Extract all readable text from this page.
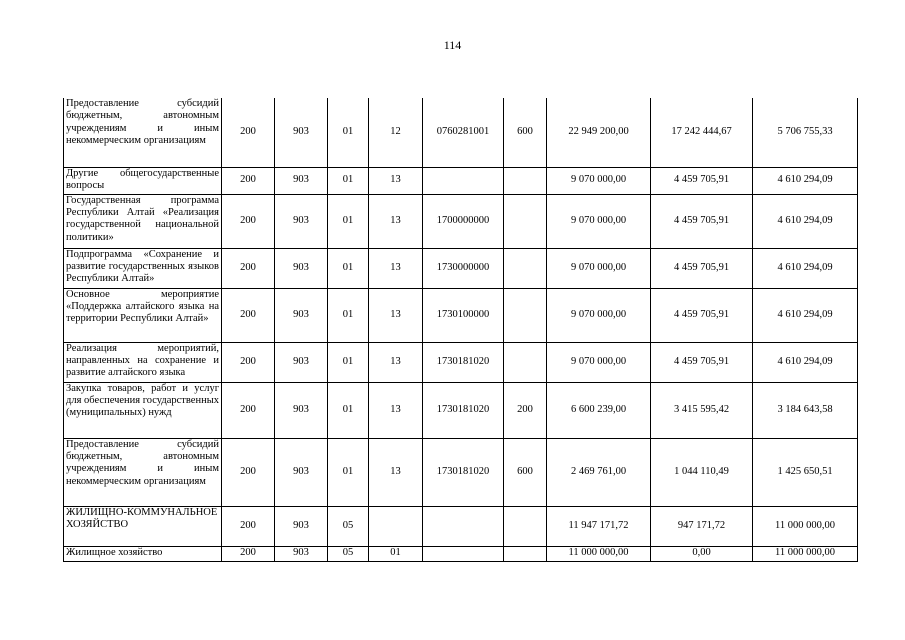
114
Предоставление субсидий бюджетным, автономным учреждениям и иным некоммерческим организациям	200	903	01	12	0760281001	600	22 949 200,00	17 242 444,67	5 706 755,33
Другие общегосударственные вопросы	200	903	01	13			9 070 000,00	4 459 705,91	4 610 294,09
Государственная программа Республики Алтай «Реализация государственной национальной политики»	200	903	01	13	1700000000		9 070 000,00	4 459 705,91	4 610 294,09
Подпрограмма «Сохранение и развитие государственных языков Республики Алтай»	200	903	01	13	1730000000		9 070 000,00	4 459 705,91	4 610 294,09
Основное мероприятие «Поддержка алтайского языка на территории Республики Алтай»	200	903	01	13	1730100000		9 070 000,00	4 459 705,91	4 610 294,09
Реализация мероприятий, направленных на сохранение и развитие алтайского языка	200	903	01	13	1730181020		9 070 000,00	4 459 705,91	4 610 294,09
Закупка товаров, работ и услуг для обеспечения государственных (муниципальных) нужд	200	903	01	13	1730181020	200	6 600 239,00	3 415 595,42	3 184 643,58
Предоставление субсидий бюджетным, автономным учреждениям и иным некоммерческим организациям	200	903	01	13	1730181020	600	2 469 761,00	1 044 110,49	1 425 650,51
ЖИЛИЩНО-КОММУНАЛЬНОЕ ХОЗЯЙСТВО	200	903	05				11 947 171,72	947 171,72	11 000 000,00
Жилищное хозяйство	200	903	05	01			11 000 000,00	0,00	11 000 000,00
